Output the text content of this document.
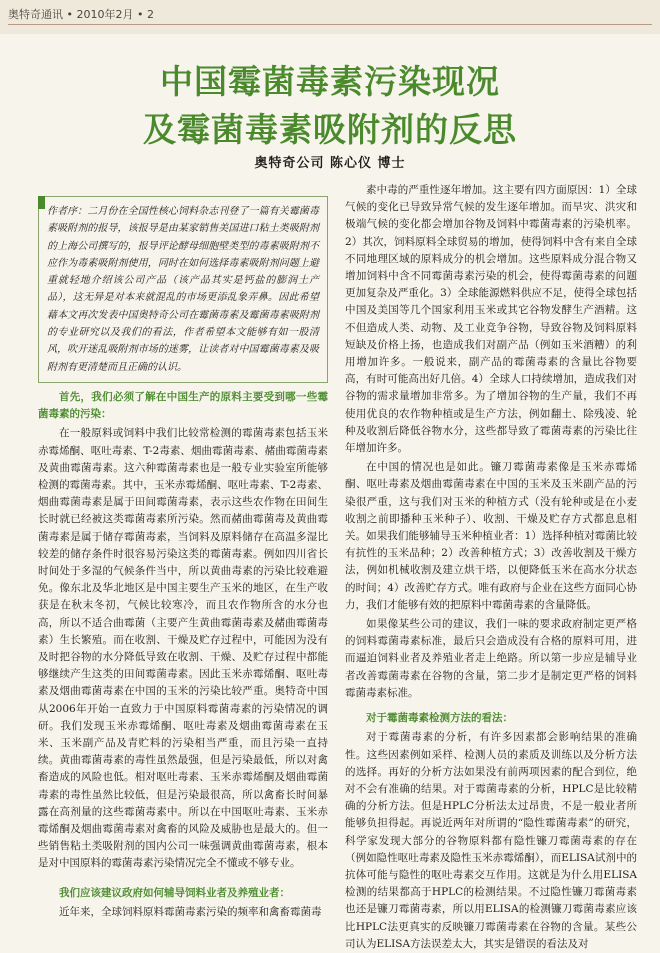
奥特奇通讯 • 2010年2月 • 2
中国霉菌毒素污染现况
及霉菌毒素吸附剂的反思
奥特奇公司 陈心仪 博士
作者序：二月份在全国性核心饲料杂志刊登了一篇有关霉菌毒素吸附剂的报导，该报导是由某家销售美国进口粘土类吸附剂的上海公司撰写的，报导评论酵母细胞壁类型的毒素吸附剂不应作为毒素吸附剂使用，同时在如何选择毒素吸附剂问题上避重就轻地介绍该公司产品（该产品其实是钙盐的膨润土产品），这无异是对本来就混乱的市场更添乱象弄鼻。因此希望藉本文再次发表中国奥特奇公司在霉菌毒素及霉菌毒素吸附剂的专业研究以及我们的看法，作者希望本文能够有如一股清风，吹开迷乱吸附剂市场的迷雾，让读者对中国霉菌毒素及吸附剂有更清楚而且正确的认识。
首先，我们必须了解在中国生产的原料主要受到哪一些霉菌毒素的污染：

在一般原料或饲料中我们比较常检测的霉菌毒素包括玉米赤霉烯酮、呕吐毒素、T-2毒素、烟曲霉菌毒素、赭曲霉菌毒素及黄曲霉菌毒素。这六种霉菌毒素也是一般专业实验室所能够检测的霉菌毒素。其中，玉米赤霉烯酮、呕吐毒素、T-2毒素、烟曲霉菌毒素是属于田间霉菌毒素，表示这些农作物在田间生长时就已经被这类霉菌毒素所污染。然而赭曲霉菌毒及黄曲霉菌毒素是属于储存霉菌毒素，当饲料及原料储存在高温多湿比较差的储存条件时很容易污染这类的霉菌毒素。例如四川省长时间处于多湿的气候条件当中，所以黄曲毒素的污染比较难避免。像东北及华北地区是中国主要生产玉米的地区，在生产收获是在秋末冬初，气候比较寒冷，而且农作物所含的水分也高，所以不适合曲霉菌（主要产生黄曲霉菌毒素及赭曲霉菌毒素）生长繁殖。而在收割、干燥及贮存过程中，可能因为没有及时把谷物的水分降低导致在收割、干燥、及贮存过程中都能够继续产生这类的田间霉菌毒素。因此玉米赤霉烯酮、呕吐毒素及烟曲霉菌毒素在中国的玉米的污染比较严重。奥特奇中国从2006年开始一直致力于中国原料霉菌毒素的污染情况的调研。我们发现玉米赤霉烯酮、呕吐毒素及烟曲霉菌毒素在玉米、玉米副产品及青贮料的污染相当严重，而且污染一直持续。黄曲霉菌毒素的毒性虽然最强，但是污染最低，所以对禽畜造成的风险也低。相对呕吐毒素、玉米赤霉烯酮及烟曲霉菌毒素的毒性虽然比较低，但是污染最很高，所以禽畜长时间暴露在高剂量的这些霉菌毒素中。所以在中国呕吐毒素、玉米赤霉烯酮及烟曲霉菌毒素对禽畜的风险及威胁也是最大的。但一些销售粘土类吸附剂的国内公司一味强调黄曲霉菌毒素，根本是对中国原料的霉菌毒素污染情况完全不懂或不够专业。

我们应该建议政府如何辅导饲料业者及养殖业者：

近年来，全球饲料原料霉菌毒素污染的频率和禽畜霉菌毒

素中毒的严重性逐年增加。这主要有四方面原因：1）全球气候的变化已导致异常气候的发生逐年增加。而旱灾、洪灾和极端气候的变化都会增加谷物及饲料中霉菌毒素的污染机率。2）其次，饲料原料全球贸易的增加，使得饲料中含有来自全球不同地理区域的原料成分的机会增加。这些原料成分混合物又增加饲料中含不同霉菌毒素污染的机会，使得霉菌毒素的问题更加复杂及严重化。3）全球能源燃料供应不足，使得全球包括中国及美国等几个国家利用玉米或其它谷物发酵生产酒精。这不但造成人类、动物、及工业竞争谷物，导致谷物及饲料原料短缺及价格上扬，也造成我们对副产品（例如玉米酒糟）的利用增加许多。一般说来，副产品的霉菌毒素的含量比谷物要高，有时可能高出好几倍。4）全球人口持续增加，造成我们对谷物的需求量增加非常多。为了增加谷物的生产量，我们不再使用优良的农作物种植或是生产方法，例如翻土、除残凌、轮种及收割后降低谷物水分，这些都导致了霉菌毒素的污染比往年增加许多。

在中国的情况也是如此。镰刀霉菌毒素像是玉米赤霉烯酮、呕吐毒素及烟曲霉菌毒素在中国的玉米及玉米副产品的污染很严重，这与我们对玉米的种植方式（没有轮种或是在小麦收割之前即播种玉米种子）、收割、干燥及贮存方式都息息相关。如果我们能够辅导玉米种植业者：1）选择种植对霉菌比较有抗性的玉米品种；2）改善种植方式；3）改善收割及干燥方法，例如机械收割及建立烘干塔，以便降低玉米在高水分状态的时间；4）改善贮存方式。唯有政府与企业在这些方面同心协力，我们才能够有效的把原料中霉菌毒素的含量降低。

如果像某些公司的建议，我们一味的要求政府制定更严格的饲料霉菌毒素标准，最后只会造成没有合格的原料可用，进而逼迫饲料业者及养殖业者走上绝路。所以第一步应是辅导业者改善霉菌毒素在谷物的含量，第二步才是制定更严格的饲料霉菌毒素标准。

对于霉菌毒素检测方法的看法：

对于霉菌毒素的分析，有许多因素都会影响结果的准确性。这些因素例如采样、检测人员的素质及训练以及分析方法的选择。再好的分析方法如果没有前两项因素的配合到位，绝对不会有准确的结果。对于霉菌毒素的分析，HPLC是比较精确的分析方法。但是HPLC分析法太过昂贵，不是一般业者所能够负担得起。再说近两年对所谓的“隐性霉菌毒素”的研究，科学家发现大部分的谷物原料都有隐性镰刀霉菌毒素的存在（例如隐性呕吐毒素及隐性玉米赤霉烯酮），而ELISA试剂中的抗体可能与隐性的呕吐毒素交互作用。这就是为什么用ELISA检测的结果都高于HPLC的检测结果。不过隐性镰刀霉菌毒素也还是镰刀霉菌毒素，所以用ELISA的检测镰刀霉菌毒素应该比HPLC法更真实的反映镰刀霉菌毒素在谷物的含量。某些公司认为ELISA方法误差太大，其实是错误的看法及对
